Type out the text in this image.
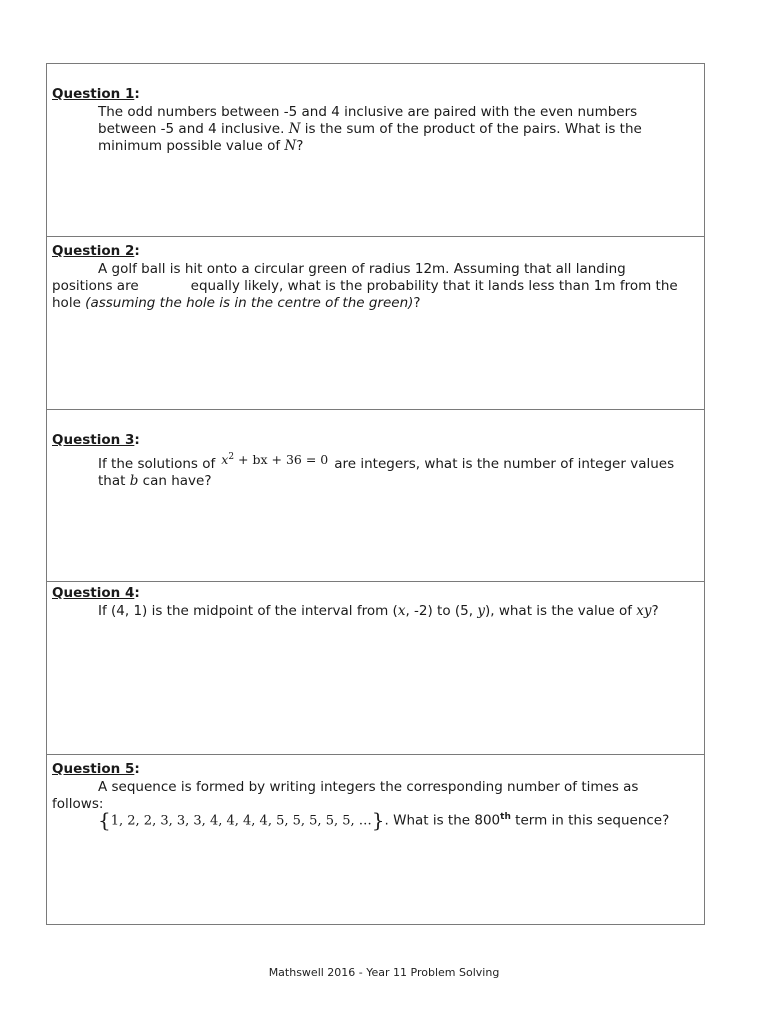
Question 1:
The odd numbers between -5 and 4 inclusive are paired with the even numbers
between -5 and 4 inclusive. N is the sum of the product of the pairs. What is the
minimum possible value of N?
Question 2:
A golf ball is hit onto a circular green of radius 12m. Assuming that all landing
positions are	equally likely, what is the probability that it lands less than 1m from the
hole (assuming the hole is in the centre of the green)?
Question 3:
If the solutions of $x^2$ + bx + 36 = 0 are integers, what is the number of integer values
that b can have?
Question 4:
If (4, 1) is the midpoint of the interval from (x, -2) to (5, y), what is the value of xy?
Question 5:
A sequence is formed by writing integers the corresponding number of times as
follows:
{1, 2, 2, 3, 3, 3, 4, 4, 4, 4, 5, 5, 5, 5, 5, …}. What is the 800th term in this sequence?
Mathswell 2016 - Year 11 Problem Solving
